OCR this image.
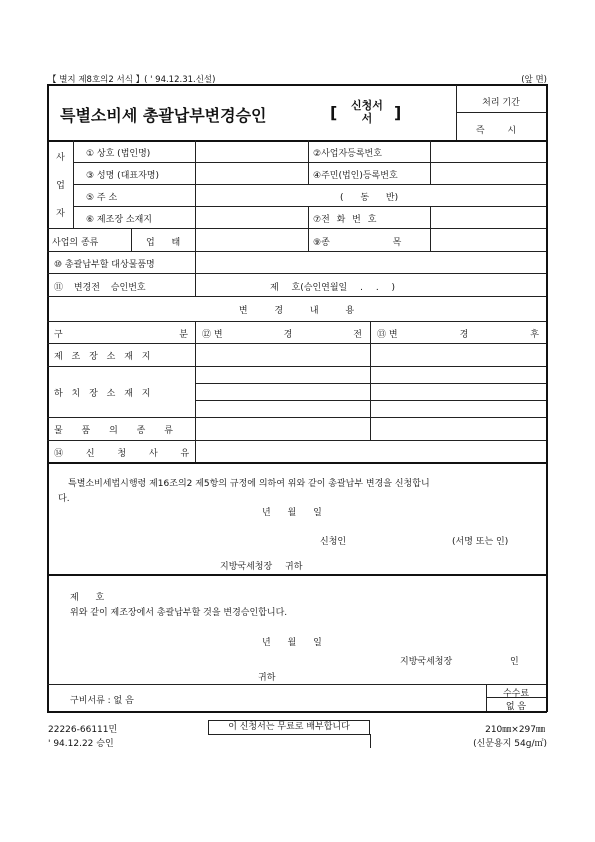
【 별지 제8호의2 서식 】( ' 94.12.31.신설)	(앞 면)
특별소비세 총괄납부변경승인	[	신청서
서	]	처리 기간
즉 시
사
업
자
① 상호 (법인명)	②사업자등록번호
③ 성명 (대표자명)	④주민(법인)등록번호
⑤ 주 소	( 동 반)
⑥ 제조장 소재지	⑦전 화 번 호
사업의 종류	업 태	⑨종 목
⑩ 총괄납부할 대상물품명
⑪ 변경전 승인번호	제 호(승인연월일 . . )
변 경 내 용
구	분 ⑫ 변	경	전 ⑬ 변	경	후
제 조 장 소 재 지
하 치 장 소 재 지
물 품 의 종 류
⑭ 신 청 사 유
특별소비세법시행령 제16조의2 제5항의 규정에 의하여 위와 같이 총괄납부 변경을 신청합니
다.
년 월 일
신청인	(서명 또는 인)
지방국세청장 귀하
제 호
위와 같이 제조장에서 총괄납부할 것을 변경승인합니다.
년 월 일
지방국세청장	인
귀하
구비서류 : 없 음
수수료
없 음
22226-66111민
' 94.12.22 승인
이 신청서는 무료로 배부합니다	210㎜×297㎜
(신문용지 54g/㎡)
